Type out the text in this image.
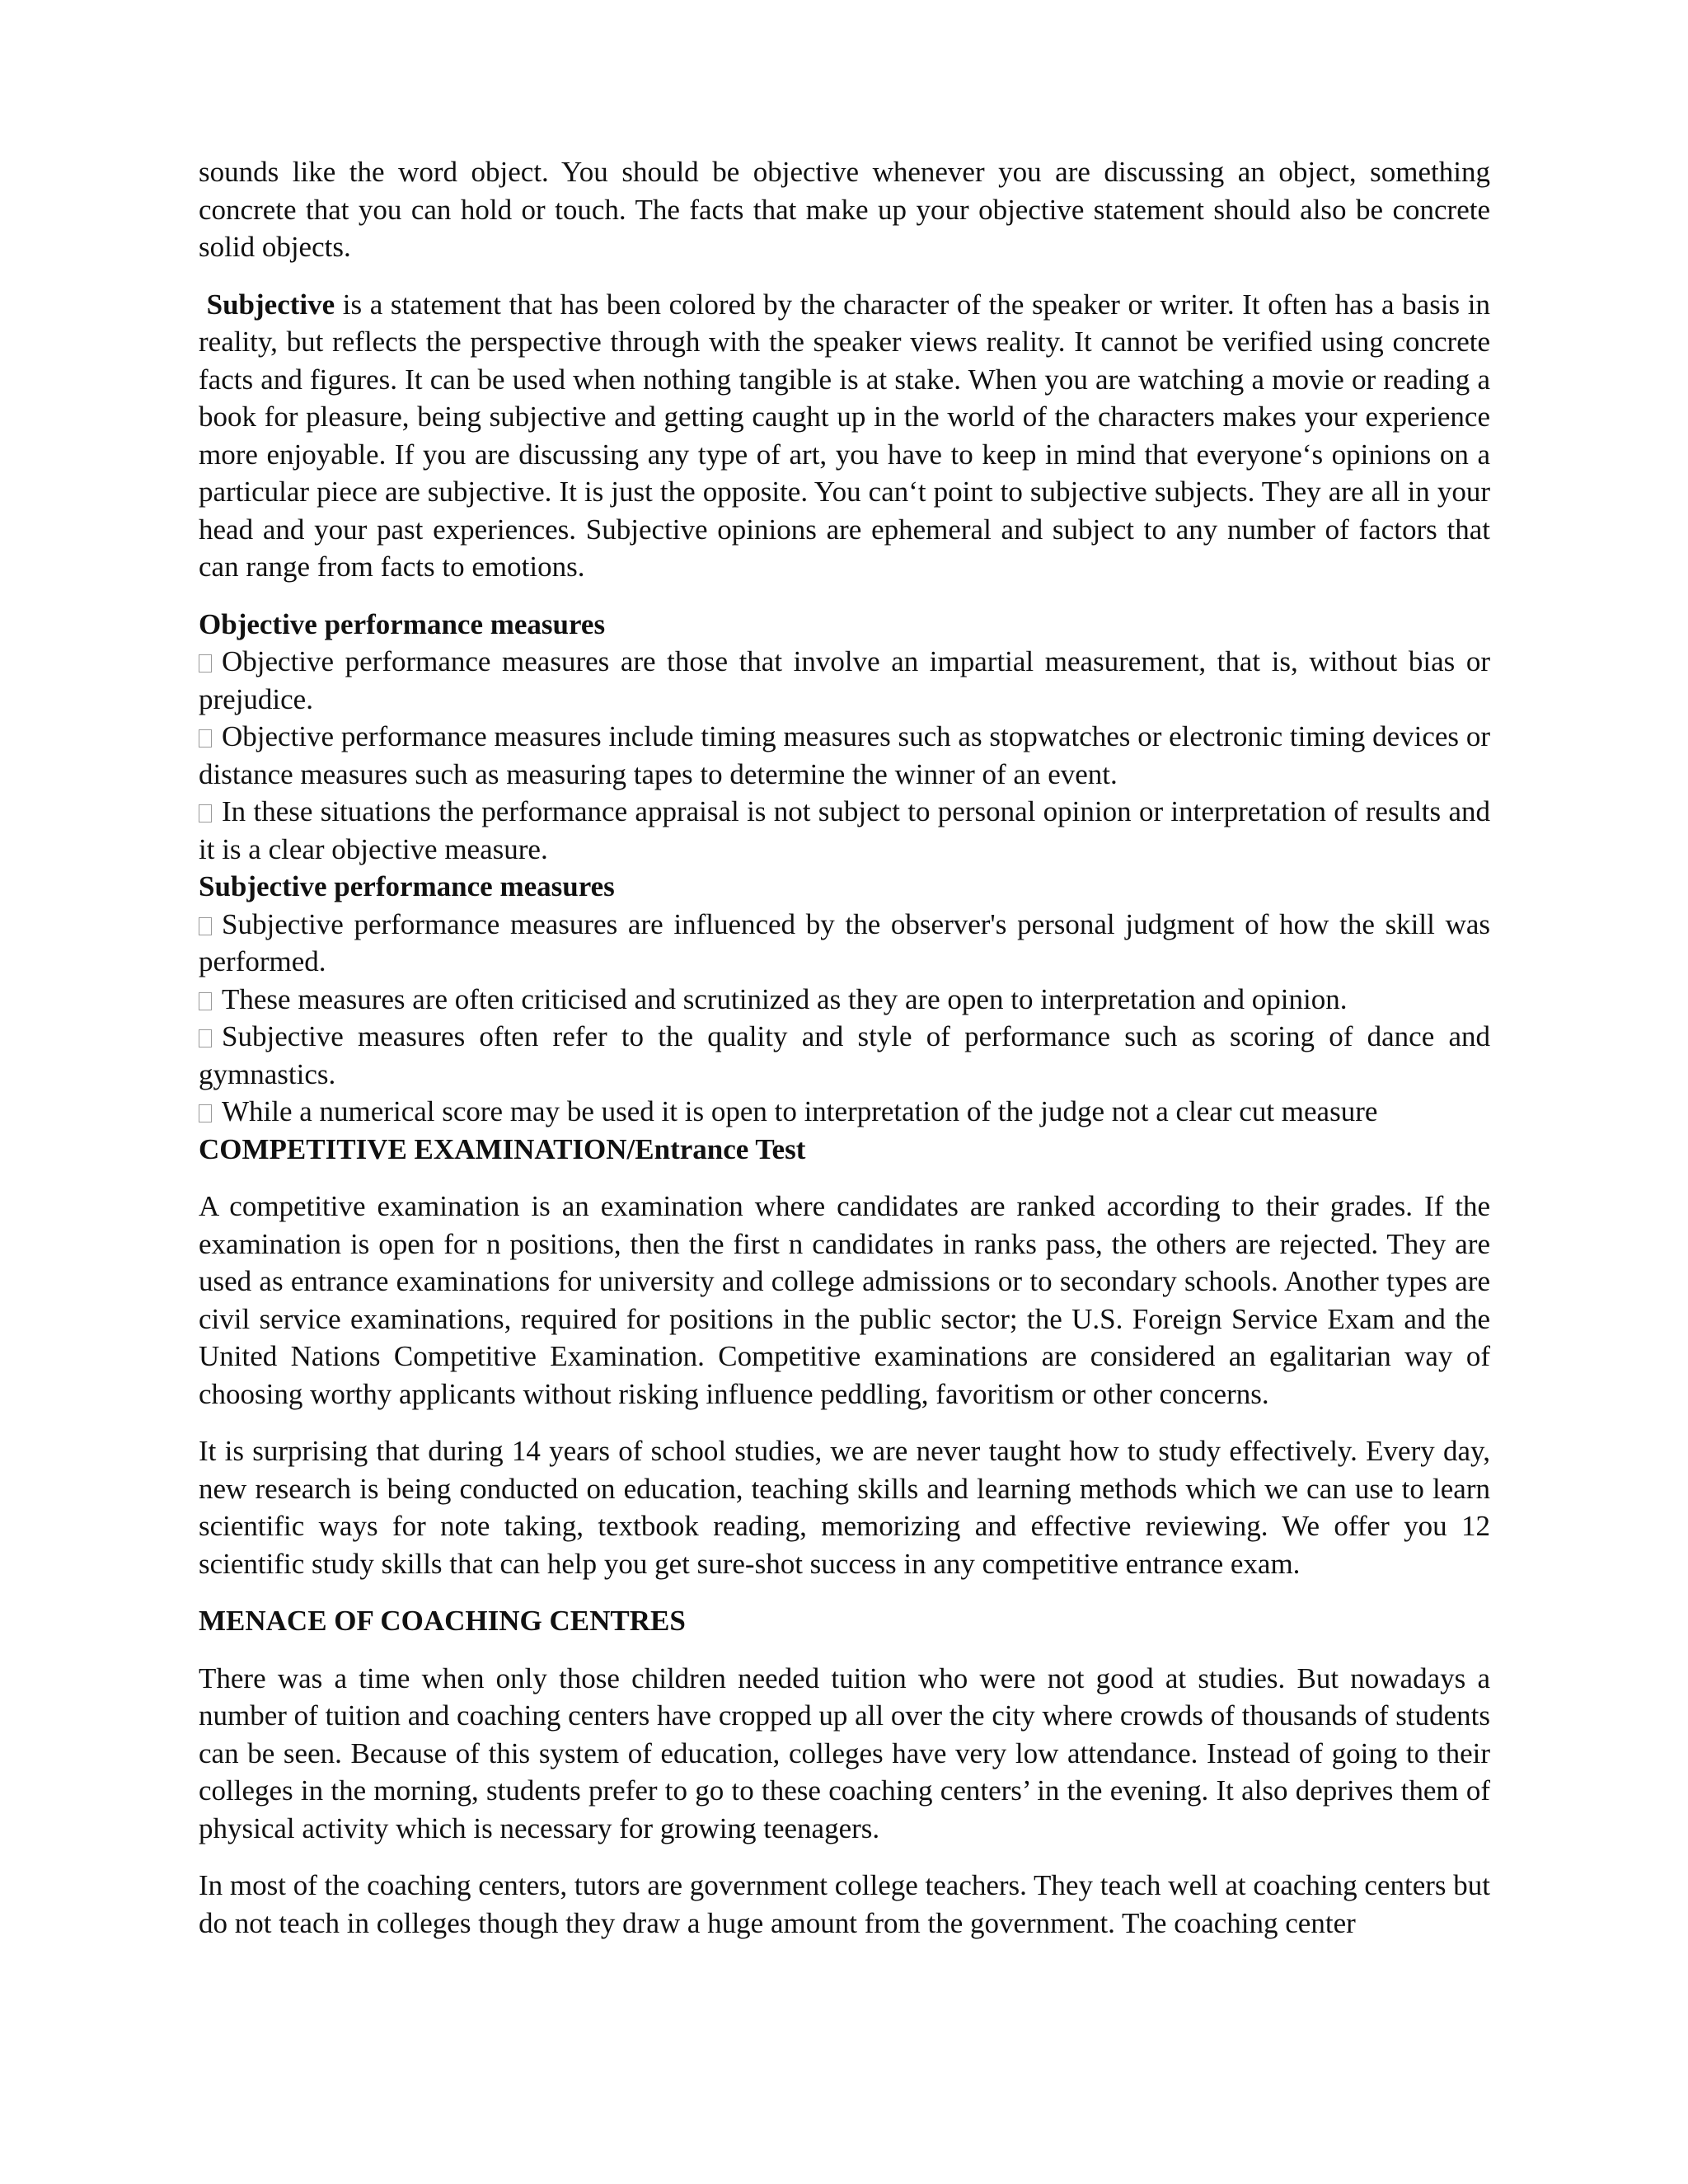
sounds like the word object. You should be objective whenever you are discussing an object, something concrete that you can hold or touch. The facts that make up your objective statement should also be concrete solid objects.

Subjective is a statement that has been colored by the character of the speaker or writer. It often has a basis in reality, but reflects the perspective through with the speaker views reality. It cannot be verified using concrete facts and figures. It can be used when nothing tangible is at stake. When you are watching a movie or reading a book for pleasure, being subjective and getting caught up in the world of the characters makes your experience more enjoyable. If you are discussing any type of art, you have to keep in mind that everyone‘s opinions on a particular piece are subjective. It is just the opposite. You can‘t point to subjective subjects. They are all in your head and your past experiences. Subjective opinions are ephemeral and subject to any number of factors that can range from facts to emotions.

Objective performance measures

Objective performance measures are those that involve an impartial measurement, that is, without bias or prejudice.

Objective performance measures include timing measures such as stopwatches or electronic timing devices or distance measures such as measuring tapes to determine the winner of an event.

In these situations the performance appraisal is not subject to personal opinion or interpretation of results and it is a clear objective measure.

Subjective performance measures

Subjective performance measures are influenced by the observer's personal judgment of how the skill was performed.

These measures are often criticised and scrutinized as they are open to interpretation and opinion.

Subjective measures often refer to the quality and style of performance such as scoring of dance and gymnastics.

While a numerical score may be used it is open to interpretation of the judge not a clear cut measure

COMPETITIVE EXAMINATION/Entrance Test

A competitive examination is an examination where candidates are ranked according to their grades. If the examination is open for n positions, then the first n candidates in ranks pass, the others are rejected. They are used as entrance examinations for university and college admissions or to secondary schools. Another types are civil service examinations, required for positions in the public sector; the U.S. Foreign Service Exam and the United Nations Competitive Examination. Competitive examinations are considered an egalitarian way of choosing worthy applicants without risking influence peddling, favoritism or other concerns.

It is surprising that during 14 years of school studies, we are never taught how to study effectively. Every day, new research is being conducted on education, teaching skills and learning methods which we can use to learn scientific ways for note taking, textbook reading, memorizing and effective reviewing. We offer you 12 scientific study skills that can help you get sure-shot success in any competitive entrance exam.

MENACE OF COACHING CENTRES

There was a time when only those children needed tuition who were not good at studies. But nowadays a number of tuition and coaching centers have cropped up all over the city where crowds of thousands of students can be seen. Because of this system of education, colleges have very low attendance. Instead of going to their colleges in the morning, students prefer to go to these coaching centers’ in the evening. It also deprives them of physical activity which is necessary for growing teenagers.

In most of the coaching centers, tutors are government college teachers. They teach well at coaching centers but do not teach in colleges though they draw a huge amount from the government. The coaching center
